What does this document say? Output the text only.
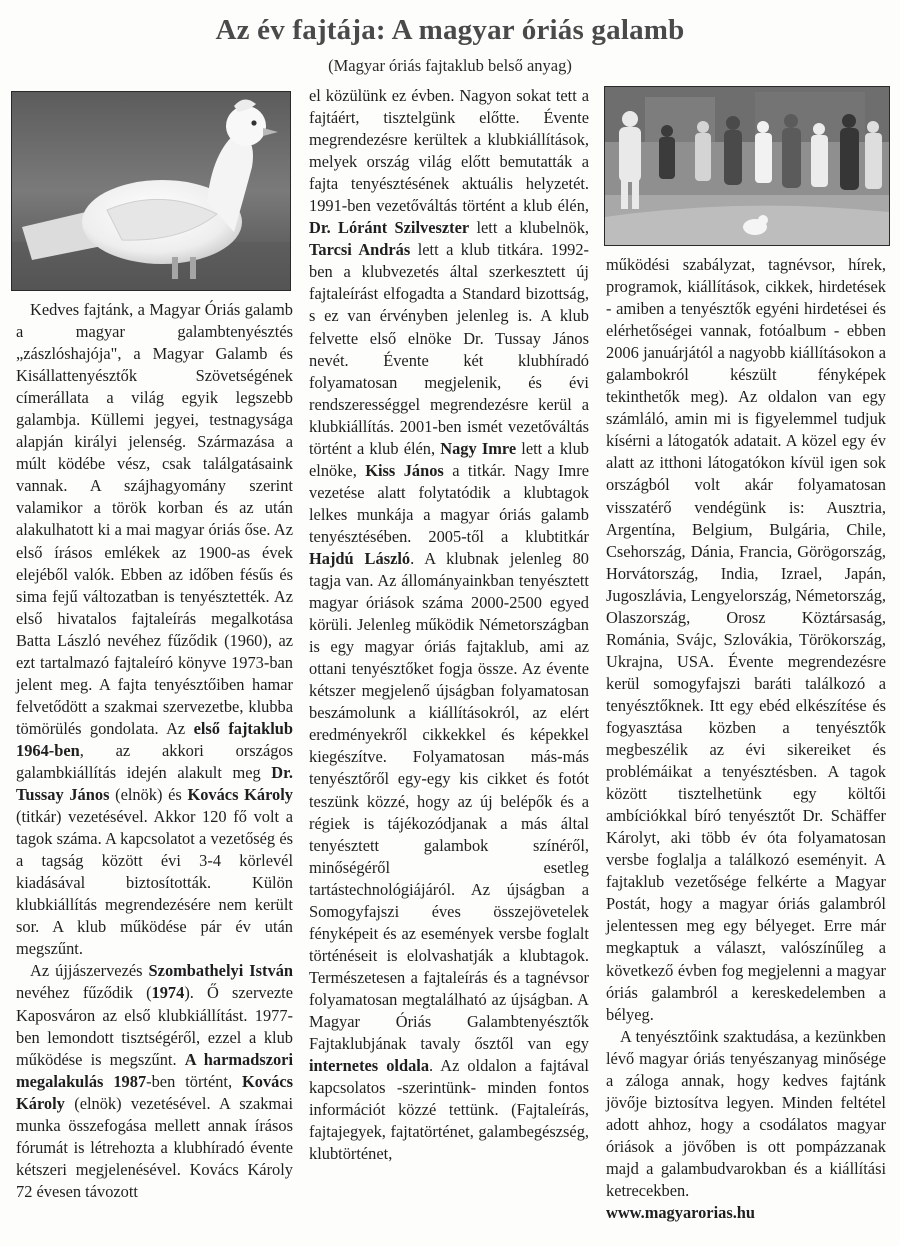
Az év fajtája: A magyar óriás galamb
(Magyar óriás fajtaklub belső anyag)

Kedves fajtánk, a Magyar Óriás galamb a magyar galambtenyésztés „zászlóshajója", a Magyar Galamb és Kisállattenyésztők Szövetségének címerállata a világ egyik legszebb galambja. Küllemi jegyei, testnagysága alapján királyi jelenség. Származása a múlt ködébe vész, csak találgatásaink vannak. A szájhagyomány szerint valamikor a török korban és az után alakulhatott ki a mai magyar óriás őse. Az első írásos emlékek az 1900-as évek elejéből valók. Ebben az időben fésűs és sima fejű változatban is tenyésztették. Az első hivatalos fajtaleírás megalkotása Batta László nevéhez fűződik (1960), az ezt tartalmazó fajtaleíró könyve 1973-ban jelent meg. A fajta tenyésztőiben hamar felvetődött a szakmai szervezetbe, klubba tömörülés gondolata. Az első fajtaklub 1964-ben, az akkori országos galambkiállítás idején alakult meg Dr. Tussay János (elnök) és Kovács Károly (titkár) vezetésével. Akkor 120 fő volt a tagok száma. A kapcsolatot a vezetőség és a tagság között évi 3-4 körlevél kiadásával biztosították. Külön klubkiállítás megrendezésére nem került sor. A klub működése pár év után megszűnt.

Az újjászervezés Szombathelyi István nevéhez fűződik (1974). Ő szervezte Kaposváron az első klubkiállítást. 1977-ben lemondott tisztségéről, ezzel a klub működése is megszűnt. A harmadszori megalakulás 1987-ben történt, Kovács Károly (elnök) vezetésével. A szakmai munka összefogása mellett annak írásos fórumát is létrehozta a klubhíradó évente kétszeri megjelenésével. Kovács Károly 72 évesen távozott

el közülünk ez évben. Nagyon sokat tett a fajtáért, tisztelgünk előtte. Évente megrendezésre kerültek a klubkiállítások, melyek ország világ előtt bemutatták a fajta tenyésztésének aktuális helyzetét. 1991-ben vezetőváltás történt a klub élén, Dr. Lóránt Szilveszter lett a klubelnök, Tarcsi András lett a klub titkára. 1992-ben a klubvezetés által szerkesztett új fajtaleírást elfogadta a Standard bizottság, s ez van érvényben jelenleg is. A klub felvette első elnöke Dr. Tussay János nevét. Évente két klubhíradó folyamatosan megjelenik, és évi rendszerességgel megrendezésre kerül a klubkiállítás. 2001-ben ismét vezetőváltás történt a klub élén, Nagy Imre lett a klub elnöke, Kiss János a titkár. Nagy Imre vezetése alatt folytatódik a klubtagok lelkes munkája a magyar óriás galamb tenyésztésében. 2005-től a klubtitkár Hajdú László. A klubnak jelenleg 80 tagja van. Az állományainkban tenyésztett magyar óriások száma 2000-2500 egyed körüli. Jelenleg működik Németországban is egy magyar óriás fajtaklub, ami az ottani tenyésztőket fogja össze. Az évente kétszer megjelenő újságban folyamatosan beszámolunk a kiállításokról, az elért eredményekről cikkekkel és képekkel kiegészítve. Folyamatosan más-más tenyésztőről egy-egy kis cikket és fotót teszünk közzé, hogy az új belépők és a régiek is tájékozódjanak a más által tenyésztett galambok színéről, minőségéről esetleg tartástechnológiájáról. Az újságban a Somogyfajszi éves összejövetelek fényképeit és az események versbe foglalt történéseit is elolvashatják a klubtagok. Természetesen a fajtaleírás és a tagnévsor folyamatosan megtalálható az újságban. A Magyar Óriás Galambtenyésztők Fajtaklubjának tavaly ősztől van egy internetes oldala. Az oldalon a fajtával kapcsolatos -szerintünk- minden fontos információt közzé tettünk. (Fajtaleírás, fajtajegyek, fajtatörténet, galambegészség, klubtörténet,

működési szabályzat, tagnévsor, hírek, programok, kiállítások, cikkek, hirdetések - amiben a tenyésztők egyéni hirdetései és elérhetőségei vannak, fotóalbum - ebben 2006 januárjától a nagyobb kiállításokon a galambokról készült fényképek tekinthetők meg). Az oldalon van egy számláló, amin mi is figyelemmel tudjuk kísérni a látogatók adatait. A közel egy év alatt az itthoni látogatókon kívül igen sok országból volt akár folyamatosan visszatérő vendégünk is: Ausztria, Argentína, Belgium, Bulgária, Chile, Csehország, Dánia, Francia, Görögország, Horvátország, India, Izrael, Japán, Jugoszlávia, Lengyelország, Németország, Olaszország, Orosz Köztársaság, Románia, Svájc, Szlovákia, Törökország, Ukrajna, USA. Évente megrendezésre kerül somogyfajszi baráti találkozó a tenyésztőknek. Itt egy ebéd elkészítése és fogyasztása közben a tenyésztők megbeszélik az évi sikereiket és problémáikat a tenyésztésben. A tagok között tisztelhetünk egy költői ambíciókkal bíró tenyésztőt Dr. Schäffer Károlyt, aki több év óta folyamatosan versbe foglalja a találkozó eseményit. A fajtaklub vezetősége felkérte a Magyar Postát, hogy a magyar óriás galambról jelentessen meg egy bélyeget. Erre már megkaptuk a választ, valószínűleg a következő évben fog megjelenni a magyar óriás galambról a kereskedelemben a bélyeg.

A tenyésztőink szaktudása, a kezünkben lévő magyar óriás tenyészanyag minősége a záloga annak, hogy kedves fajtánk jövője biztosítva legyen. Minden feltétel adott ahhoz, hogy a csodálatos magyar óriások a jövőben is ott pompázzanak majd a galambudvarokban és a kiállítási ketrecekben.

www.magyarorias.hu
